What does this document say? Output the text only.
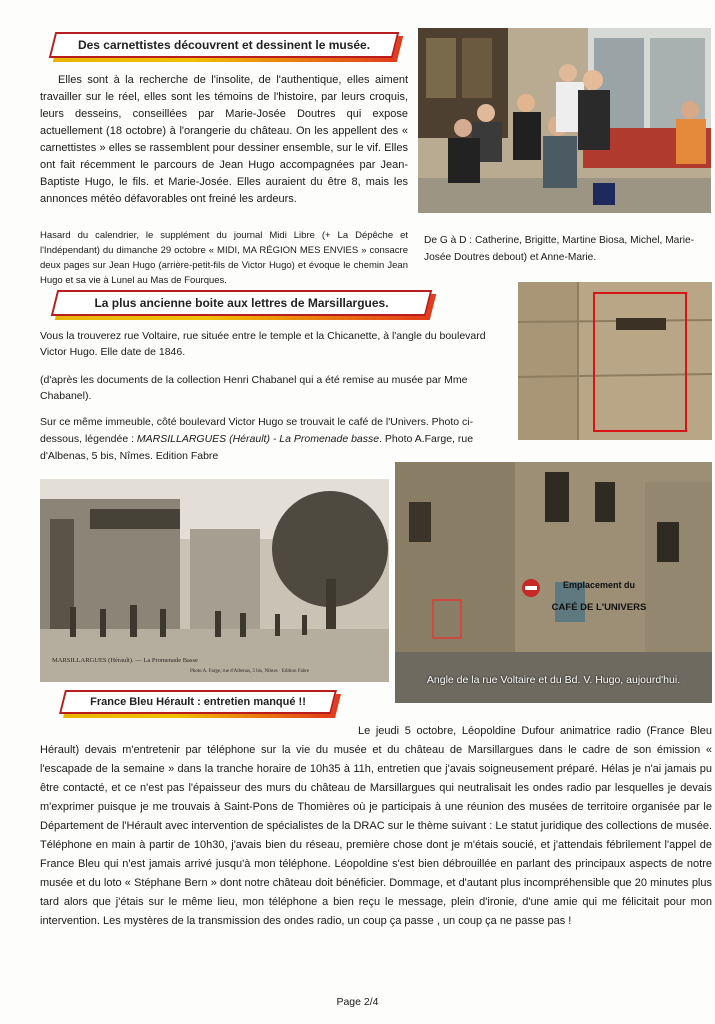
Des carnettistes découvrent et dessinent le musée.
Elles sont à la recherche de l'insolite, de l'authentique, elles aiment travailler sur le réel, elles sont les témoins de l'histoire, par leurs croquis, leurs desseins, conseillées par Marie-Josée Doutres qui expose actuellement (18 octobre) à l'orangerie du château. On les appellent des « carnettistes » elles se rassemblent pour dessiner ensemble, sur le vif. Elles ont fait récemment le parcours de Jean Hugo accompagnées par Jean-Baptiste Hugo, le fils. et Marie-Josée. Elles auraient du être 8, mais les annonces météo défavorables ont freiné les ardeurs.
Hasard du calendrier, le supplément du journal Midi Libre (+ La Dépêche et l'Indépendant) du dimanche 29 octobre « MIDI, MA RÉGION MES ENVIES » consacre deux pages sur Jean Hugo (arrière-petit-fils de Victor Hugo) et évoque le chemin Jean Hugo et sa vie à Lunel au Mas de Fourques.
De G à D : Catherine, Brigitte, Martine Biosa, Michel, Marie-Josée Doutres debout) et Anne-Marie.
La plus ancienne boite aux lettres de Marsillargues.
Vous la trouverez rue Voltaire, rue située entre le temple et la Chicanette, à l'angle du boulevard Victor Hugo. Elle date de 1846.
(d'après les documents de la collection Henri Chabanel qui a été remise au musée par Mme Chabanel).
Sur ce même immeuble, côté boulevard Victor Hugo se trouvait le café de l'Univers. Photo ci-dessous, légendée : MARSILLARGUES (Hérault) - La Promenade basse. Photo A.Farge, rue d'Albenas, 5 bis, Nîmes. Edition Fabre
MARSILLARGUES (Hérault). — La Promenade Basse
Photo A. Farge, rue d'Albenas, 5 bis, Nîmes · Edition Fabre
Emplacement du
CAFÉ DE L'UNIVERS
Angle de la rue Voltaire et du Bd. V. Hugo, aujourd'hui.
France Bleu Hérault : entretien manqué !!
Le jeudi 5 octobre, Léopoldine Dufour animatrice radio (France Bleu Hérault) devais m'entretenir par téléphone sur la vie du musée et du château de Marsillargues dans le cadre de son émission « l'escapade de la semaine » dans la tranche horaire de 10h35 à 11h, entretien que j'avais soigneusement préparé. Hélas je n'ai jamais pu être contacté, et ce n'est pas l'épaisseur des murs du château de Marsillargues qui neutralisait les ondes radio par lesquelles je devais m'exprimer puisque je me trouvais à Saint-Pons de Thomières où je participais à une réunion des musées de territoire organisée par le Département de l'Hérault avec intervention de spécialistes de la DRAC sur le thème suivant : Le statut juridique des collections de musée. Téléphone en main à partir de 10h30, j'avais bien du réseau, première chose dont je m'étais soucié, et j'attendais fébrilement l'appel de France Bleu qui n'est jamais arrivé jusqu'à mon téléphone. Léopoldine s'est bien débrouillée en parlant des principaux aspects de notre musée et du loto « Stéphane Bern » dont notre château doit bénéficier. Dommage, et d'autant plus incompréhensible que 20 minutes plus tard alors que j'étais sur le même lieu, mon téléphone a bien reçu le message, plein d'ironie, d'une amie qui me félicitait pour mon intervention. Les mystères de la transmission des ondes radio, un coup ça passe , un coup ça ne passe pas !
Page 2/4
